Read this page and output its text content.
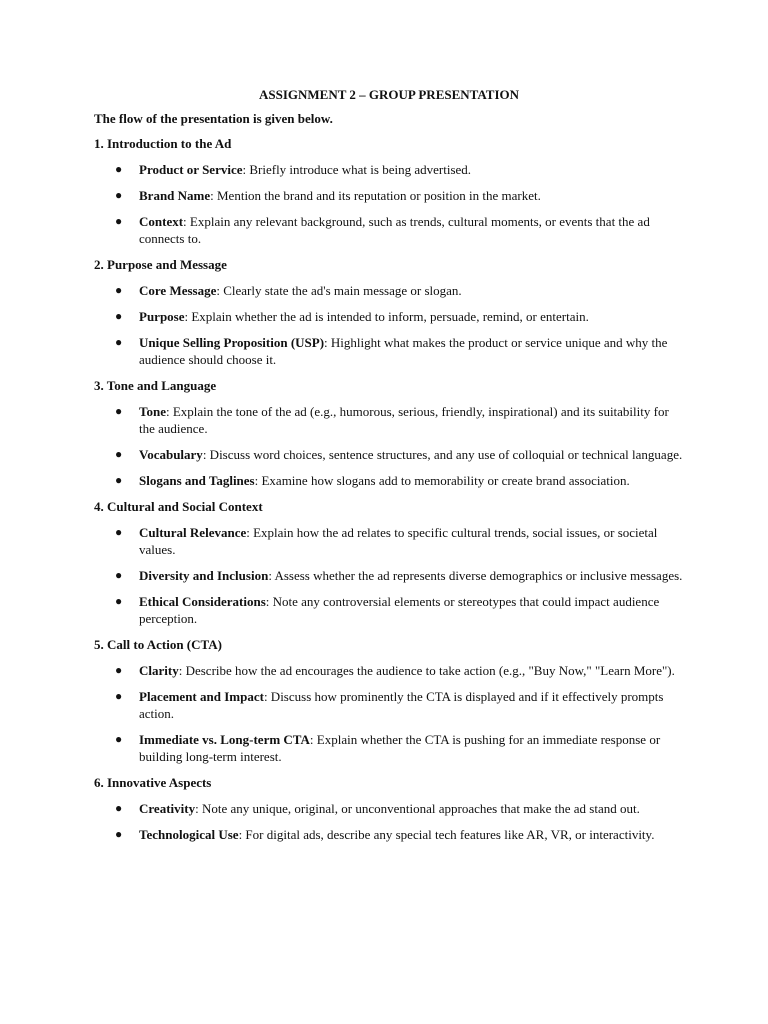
ASSIGNMENT 2 – GROUP PRESENTATION
The flow of the presentation is given below.
1. Introduction to the Ad
● Product or Service: Briefly introduce what is being advertised.
● Brand Name: Mention the brand and its reputation or position in the market.
● Context: Explain any relevant background, such as trends, cultural moments, or events that the ad connects to.
2. Purpose and Message
● Core Message: Clearly state the ad's main message or slogan.
● Purpose: Explain whether the ad is intended to inform, persuade, remind, or entertain.
● Unique Selling Proposition (USP): Highlight what makes the product or service unique and why the audience should choose it.
3. Tone and Language
● Tone: Explain the tone of the ad (e.g., humorous, serious, friendly, inspirational) and its suitability for the audience.
● Vocabulary: Discuss word choices, sentence structures, and any use of colloquial or technical language.
● Slogans and Taglines: Examine how slogans add to memorability or create brand association.
4. Cultural and Social Context
● Cultural Relevance: Explain how the ad relates to specific cultural trends, social issues, or societal values.
● Diversity and Inclusion: Assess whether the ad represents diverse demographics or inclusive messages.
● Ethical Considerations: Note any controversial elements or stereotypes that could impact audience perception.
5. Call to Action (CTA)
● Clarity: Describe how the ad encourages the audience to take action (e.g., "Buy Now," "Learn More").
● Placement and Impact: Discuss how prominently the CTA is displayed and if it effectively prompts action.
● Immediate vs. Long-term CTA: Explain whether the CTA is pushing for an immediate response or building long-term interest.
6. Innovative Aspects
● Creativity: Note any unique, original, or unconventional approaches that make the ad stand out.
● Technological Use: For digital ads, describe any special tech features like AR, VR, or interactivity.
